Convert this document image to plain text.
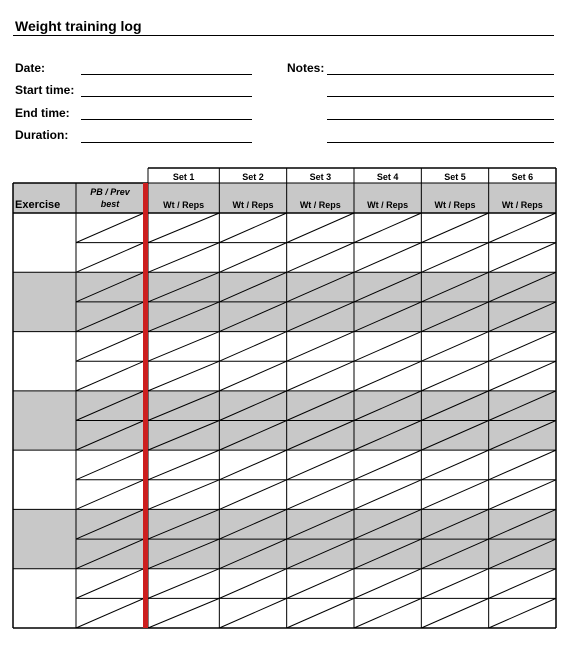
Weight training log
Date:
Start time:
End time:
Duration:
Notes:
Exercise
PB / Prev
best
Set 1
Wt / Reps
Set 2
Wt / Reps
Set 3
Wt / Reps
Set 4
Wt / Reps
Set 5
Wt / Reps
Set 6
Wt / Reps
